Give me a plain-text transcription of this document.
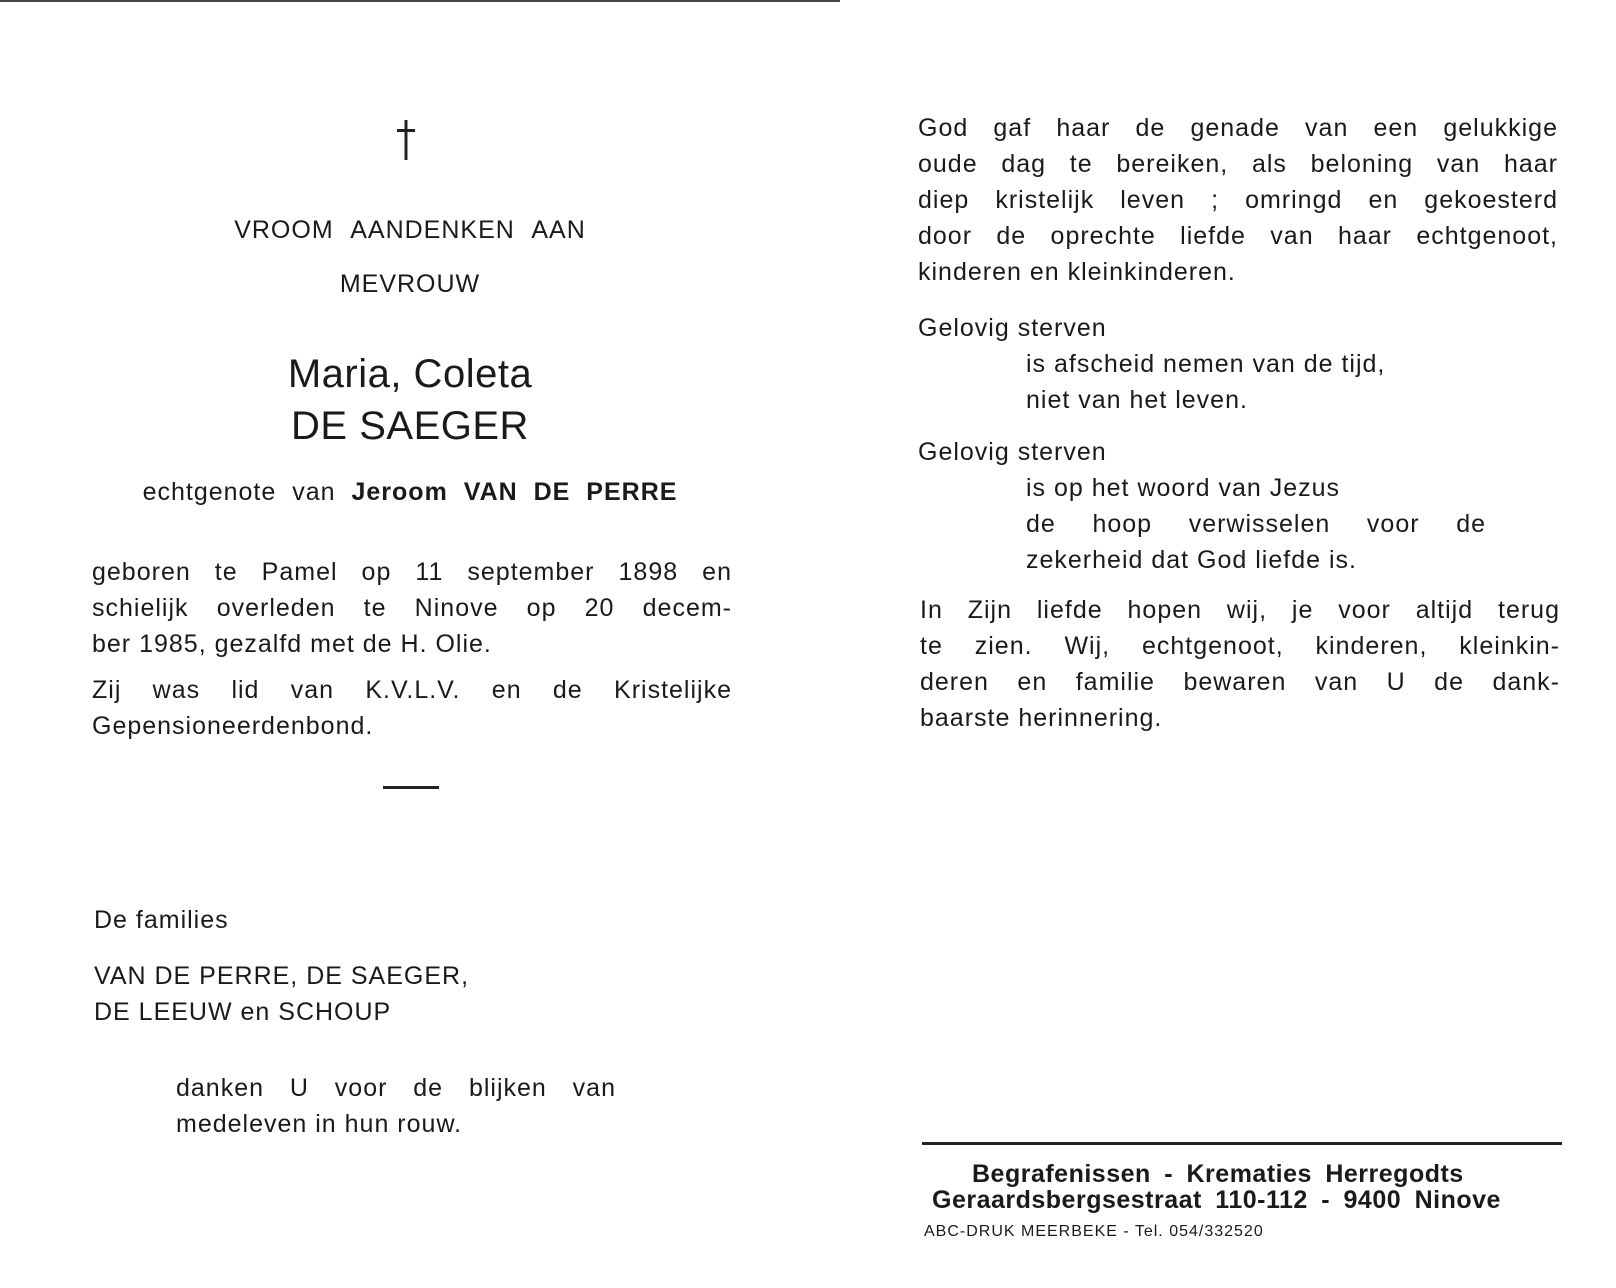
VROOM AANDENKEN AAN
MEVROUW
Maria, Coleta
DE SAEGER
echtgenote van Jeroom VAN DE PERRE
geboren te Pamel op 11 september 1898 en
schielijk overleden te Ninove op 20 decem-
ber 1985, gezalfd met de H. Olie.
Zij was lid van K.V.L.V. en de Kristelijke
Gepensioneerdenbond.
De families
VAN DE PERRE, DE SAEGER,
DE LEEUW en SCHOUP
danken U voor de blijken van
medeleven in hun rouw.
God gaf haar de genade van een gelukkige
oude dag te bereiken, als beloning van haar
diep kristelijk leven ; omringd en gekoesterd
door de oprechte liefde van haar echtgenoot,
kinderen en kleinkinderen.
Gelovig sterven
is afscheid nemen van de tijd,
niet van het leven.
Gelovig sterven
is op het woord van Jezus
de hoop verwisselen voor de
zekerheid dat God liefde is.
In Zijn liefde hopen wij, je voor altijd terug
te zien. Wij, echtgenoot, kinderen, kleinkin-
deren en familie bewaren van U de dank-
baarste herinnering.
Begrafenissen - Krematies Herregodts
Geraardsbergsestraat 110-112 - 9400 Ninove
ABC-DRUK MEERBEKE - Tel. 054/332520
